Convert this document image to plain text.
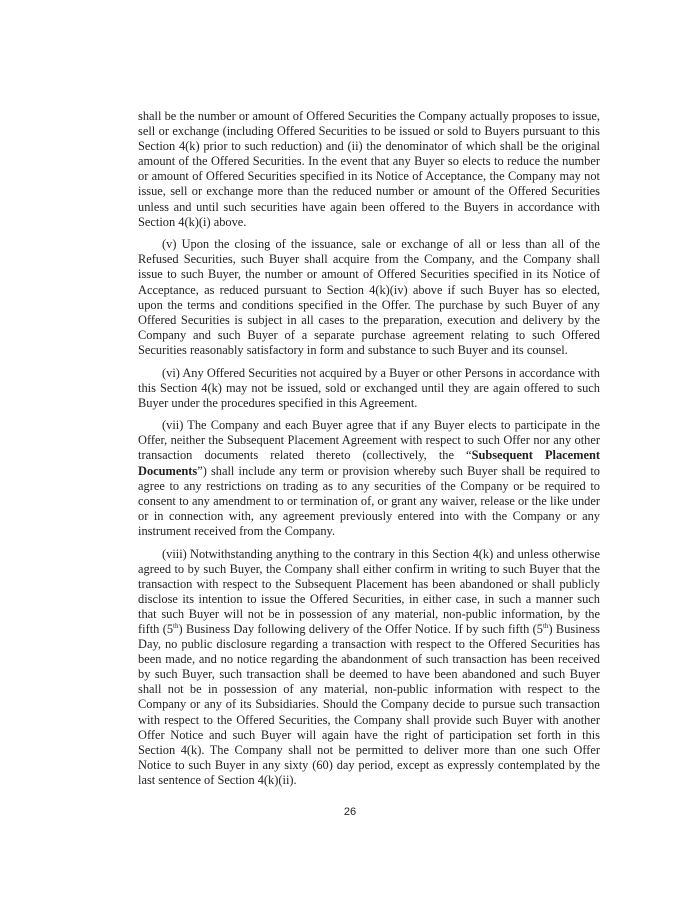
shall be the number or amount of Offered Securities the Company actually proposes to issue, sell or exchange (including Offered Securities to be issued or sold to Buyers pursuant to this Section 4(k) prior to such reduction) and (ii) the denominator of which shall be the original amount of the Offered Securities. In the event that any Buyer so elects to reduce the number or amount of Offered Securities specified in its Notice of Acceptance, the Company may not issue, sell or exchange more than the reduced number or amount of the Offered Securities unless and until such securities have again been offered to the Buyers in accordance with Section 4(k)(i) above.

(v) Upon the closing of the issuance, sale or exchange of all or less than all of the Refused Securities, such Buyer shall acquire from the Company, and the Company shall issue to such Buyer, the number or amount of Offered Securities specified in its Notice of Acceptance, as reduced pursuant to Section 4(k)(iv) above if such Buyer has so elected, upon the terms and conditions specified in the Offer. The purchase by such Buyer of any Offered Securities is subject in all cases to the preparation, execution and delivery by the Company and such Buyer of a separate purchase agreement relating to such Offered Securities reasonably satisfactory in form and substance to such Buyer and its counsel.

(vi) Any Offered Securities not acquired by a Buyer or other Persons in accordance with this Section 4(k) may not be issued, sold or exchanged until they are again offered to such Buyer under the procedures specified in this Agreement.

(vii) The Company and each Buyer agree that if any Buyer elects to participate in the Offer, neither the Subsequent Placement Agreement with respect to such Offer nor any other transaction documents related thereto (collectively, the “Subsequent Placement Documents”) shall include any term or provision whereby such Buyer shall be required to agree to any restrictions on trading as to any securities of the Company or be required to consent to any amendment to or termination of, or grant any waiver, release or the like under or in connection with, any agreement previously entered into with the Company or any instrument received from the Company.

(viii) Notwithstanding anything to the contrary in this Section 4(k) and unless otherwise agreed to by such Buyer, the Company shall either confirm in writing to such Buyer that the transaction with respect to the Subsequent Placement has been abandoned or shall publicly disclose its intention to issue the Offered Securities, in either case, in such a manner such that such Buyer will not be in possession of any material, non-public information, by the fifth (5th) Business Day following delivery of the Offer Notice. If by such fifth (5th) Business Day, no public disclosure regarding a transaction with respect to the Offered Securities has been made, and no notice regarding the abandonment of such transaction has been received by such Buyer, such transaction shall be deemed to have been abandoned and such Buyer shall not be in possession of any material, non-public information with respect to the Company or any of its Subsidiaries. Should the Company decide to pursue such transaction with respect to the Offered Securities, the Company shall provide such Buyer with another Offer Notice and such Buyer will again have the right of participation set forth in this Section 4(k). The Company shall not be permitted to deliver more than one such Offer Notice to such Buyer in any sixty (60) day period, except as expressly contemplated by the last sentence of Section 4(k)(ii).

26
